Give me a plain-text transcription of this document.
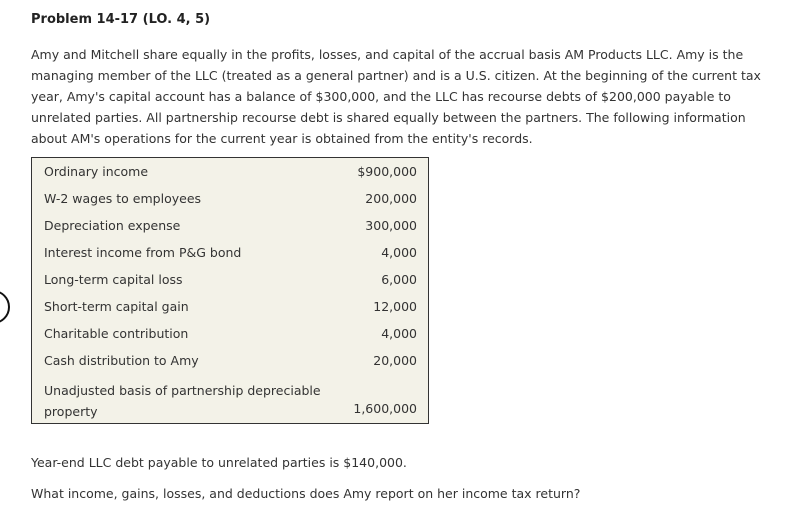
Problem 14-17 (LO. 4, 5)

Amy and Mitchell share equally in the profits, losses, and capital of the accrual basis AM Products LLC. Amy is the managing member of the LLC (treated as a general partner) and is a U.S. citizen. At the beginning of the current tax year, Amy's capital account has a balance of $300,000, and the LLC has recourse debts of $200,000 payable to unrelated parties. All partnership recourse debt is shared equally between the partners. The following information about AM's operations for the current year is obtained from the entity's records.

Ordinary income	$900,000
W-2 wages to employees	200,000
Depreciation expense	300,000
Interest income from P&G bond	4,000
Long-term capital loss	6,000
Short-term capital gain	12,000
Charitable contribution	4,000
Cash distribution to Amy	20,000
Unadjusted basis of partnership depreciable property	1,600,000

Year-end LLC debt payable to unrelated parties is $140,000.

What income, gains, losses, and deductions does Amy report on her income tax return?
